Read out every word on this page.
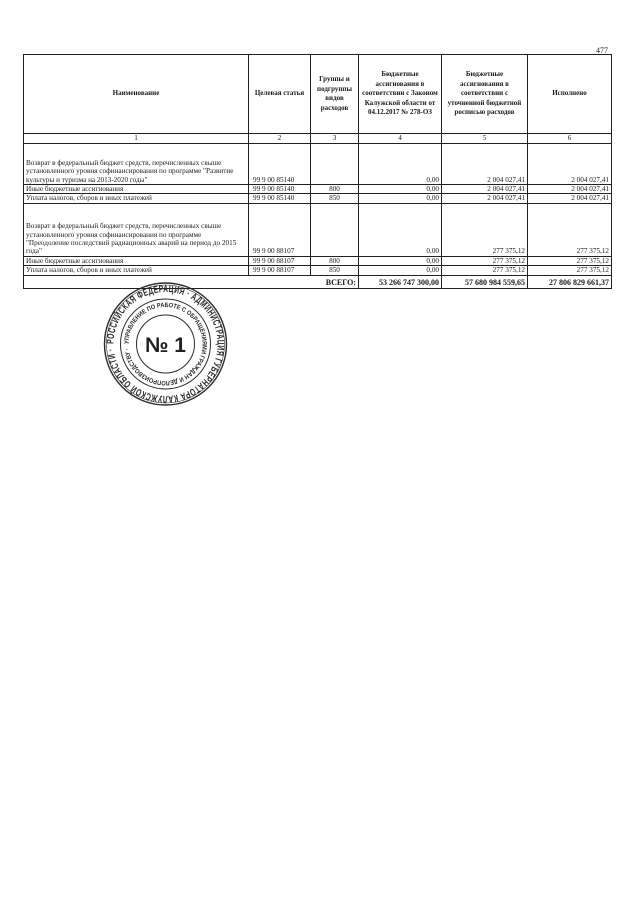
477
Наименование	Целевая статья	Группы и подгруппы видов расходов	Бюджетные ассигнования в соответствии с Законом Калужской области от 04.12.2017 № 278-ОЗ	Бюджетные ассигнования в соответствии с уточненной бюджетной росписью расходов	Исполнено
1	2	3	4	5	6
Возврат в федеральный бюджет средств, перечисленных свыше установленного уровня софинансирования по программе "Развитие культуры и туризма на 2013-2020 годы"	99 9 00 85140		0,00	2 004 027,41	2 004 027,41
Иные бюджетные ассигнования	99 9 00 85140	800	0,00	2 004 027,41	2 004 027,41
Уплата налогов, сборов и иных платежей	99 9 00 85140	850	0,00	2 004 027,41	2 004 027,41
Возврат в федеральный бюджет средств, перечисленных свыше установленного уровня софинансирования по программе "Преодоление последствий радиационных аварий на период до 2015 года"	99 9 00 88107		0,00	277 375,12	277 375,12
Иные бюджетные ассигнования	99 9 00 88107	800	0,00	277 375,12	277 375,12
Уплата налогов, сборов и иных платежей	99 9 00 88107	850	0,00	277 375,12	277 375,12
ВСЕГО:			53 266 747 300,00	57 680 984 559,65	27 806 829 661,37
РОССИЙСКАЯ ФЕДЕРАЦИЯ · АДМИНИСТРАЦИЯ ГУБЕРНАТОРА КАЛУЖСКОЙ ОБЛАСТИ ·
УПРАВЛЕНИЕ ПО РАБОТЕ С ОБРАЩЕНИЯМИ ГРАЖДАН И ДЕЛОПРОИЗВОДСТВУ · № 1
